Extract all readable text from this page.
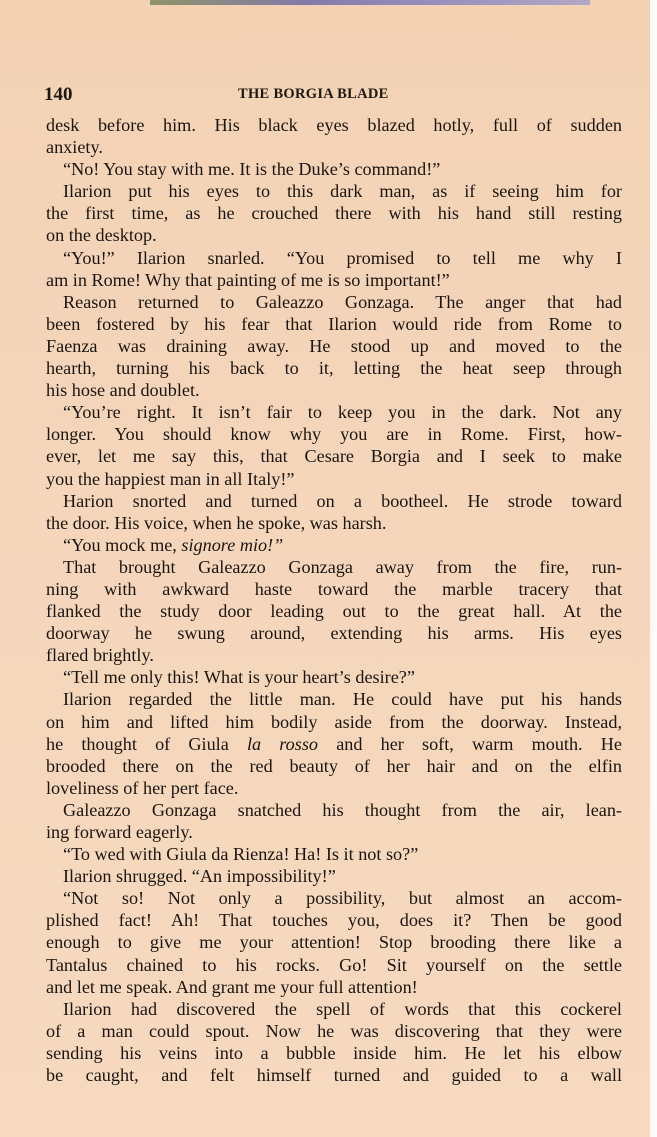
140	THE BORGIA BLADE
desk before him. His black eyes blazed hotly, full of sudden
anxiety.
“No! You stay with me. It is the Duke’s command!”
Ilarion put his eyes to this dark man, as if seeing him for
the first time, as he crouched there with his hand still resting
on the desktop.
“You!” Ilarion snarled. “You promised to tell me why I
am in Rome! Why that painting of me is so important!”
Reason returned to Galeazzo Gonzaga. The anger that had
been fostered by his fear that Ilarion would ride from Rome to
Faenza was draining away. He stood up and moved to the
hearth, turning his back to it, letting the heat seep through
his hose and doublet.
“You’re right. It isn’t fair to keep you in the dark. Not any
longer. You should know why you are in Rome. First, how-
ever, let me say this, that Cesare Borgia and I seek to make
you the happiest man in all Italy!”
Harion snorted and turned on a bootheel. He strode toward
the door. His voice, when he spoke, was harsh.
“You mock me, signore mio!”
That brought Galeazzo Gonzaga away from the fire, run-
ning with awkward haste toward the marble tracery that
flanked the study door leading out to the great hall. At the
doorway he swung around, extending his arms. His eyes
flared brightly.
“Tell me only this! What is your heart’s desire?”
Ilarion regarded the little man. He could have put his hands
on him and lifted him bodily aside from the doorway. Instead,
he thought of Giula la rosso and her soft, warm mouth. He
brooded there on the red beauty of her hair and on the elfin
loveliness of her pert face.
Galeazzo Gonzaga snatched his thought from the air, lean-
ing forward eagerly.
“To wed with Giula da Rienza! Ha! Is it not so?”
Ilarion shrugged. “An impossibility!”
“Not so! Not only a possibility, but almost an accom-
plished fact! Ah! That touches you, does it? Then be good
enough to give me your attention! Stop brooding there like a
Tantalus chained to his rocks. Go! Sit yourself on the settle
and let me speak. And grant me your full attention!
Ilarion had discovered the spell of words that this cockerel
of a man could spout. Now he was discovering that they were
sending his veins into a bubble inside him. He let his elbow
be caught, and felt himself turned and guided to a wall
